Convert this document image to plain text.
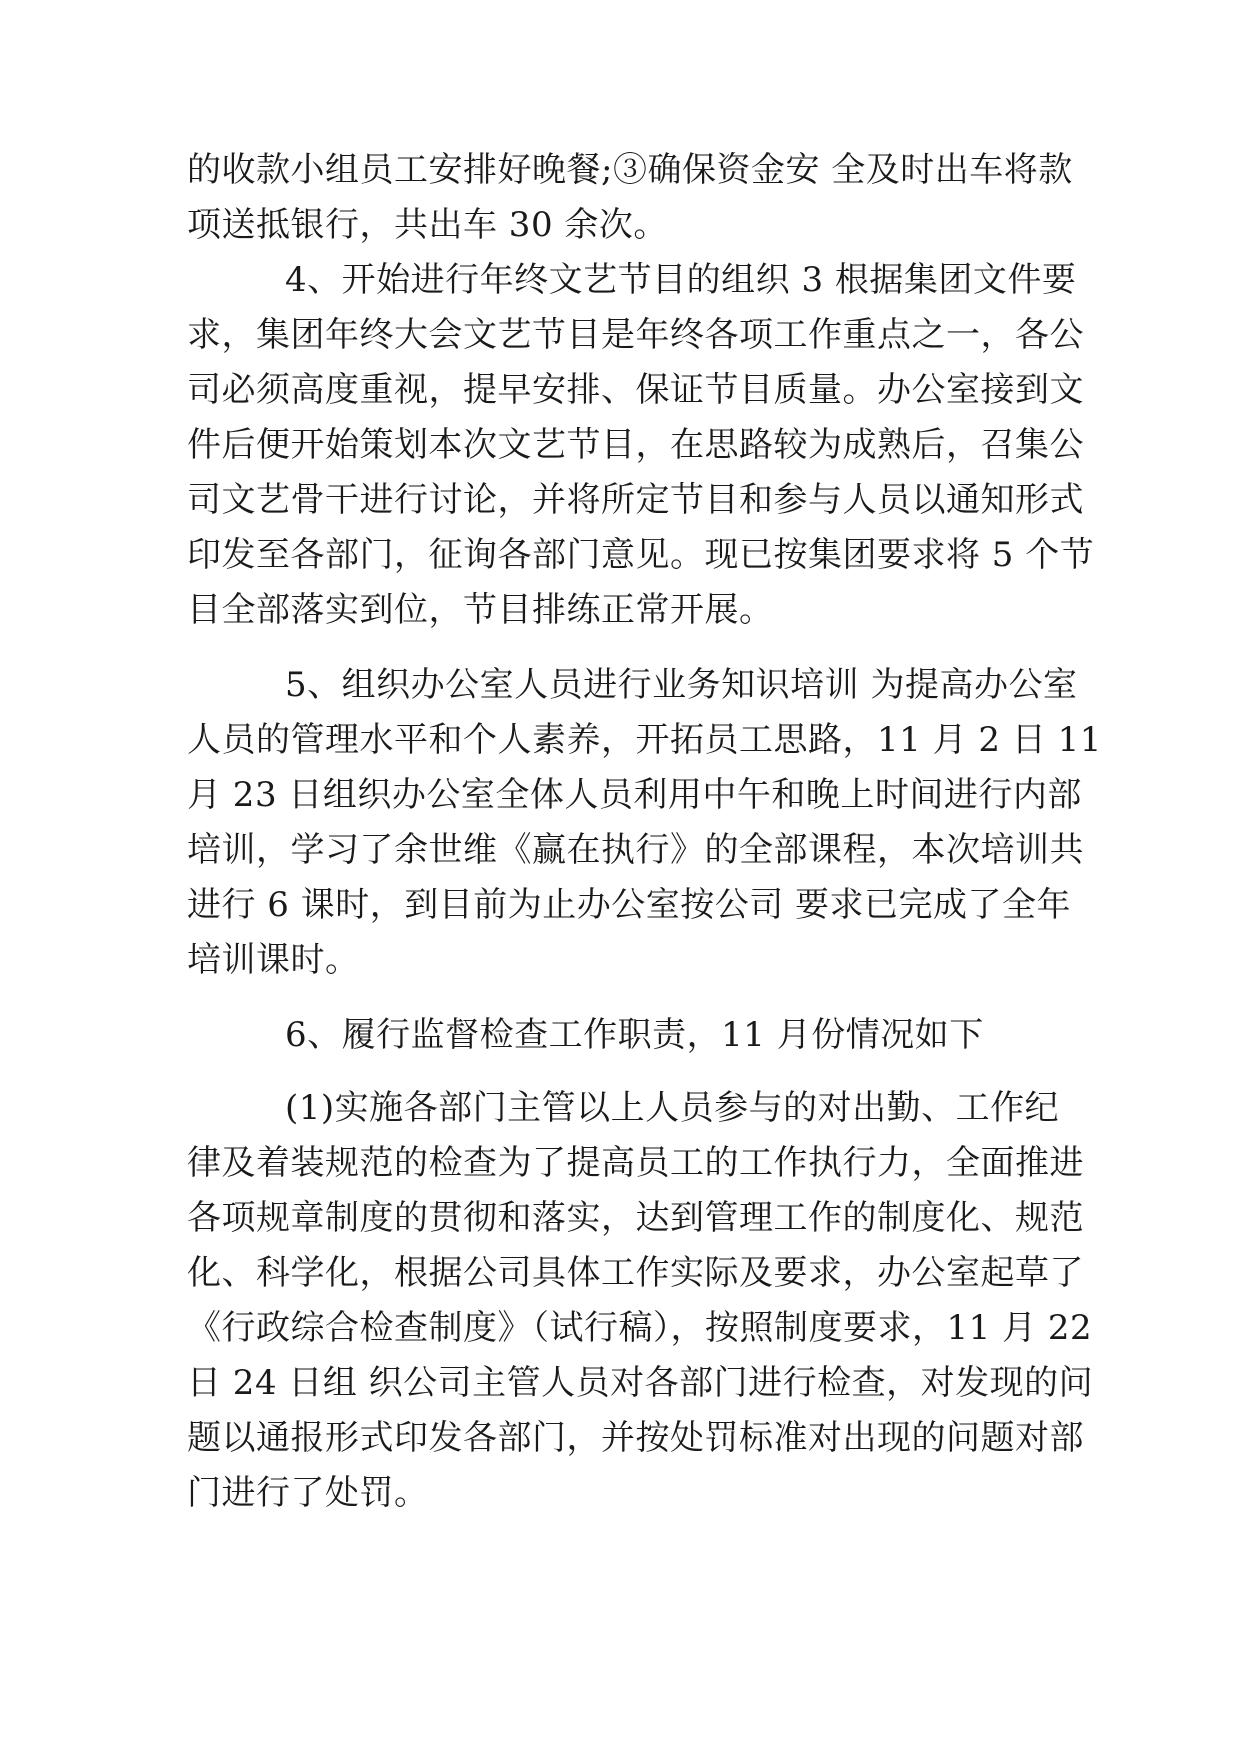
的收款小组员工安排好晚餐;③确保资金安 全及时出车将款
项送抵银行，共出车 30 余次。
4、开始进行年终文艺节目的组织 3 根据集团文件要
求，集团年终大会文艺节目是年终各项工作重点之一，各公
司必须高度重视，提早安排、保证节目质量。办公室接到文
件后便开始策划本次文艺节目，在思路较为成熟后，召集公
司文艺骨干进行讨论，并将所定节目和参与人员以通知形式
印发至各部门，征询各部门意见。现已按集团要求将 5 个节
目全部落实到位，节目排练正常开展。
5、组织办公室人员进行业务知识培训 为提高办公室
人员的管理水平和个人素养，开拓员工思路，11 月 2 日 11
月 23 日组织办公室全体人员利用中午和晚上时间进行内部
培训，学习了余世维《赢在执行》的全部课程，本次培训共
进行 6 课时，到目前为止办公室按公司 要求已完成了全年
培训课时。
6、履行监督检查工作职责，11 月份情况如下
(1)实施各部门主管以上人员参与的对出勤、工作纪
律及着装规范的检查为了提高员工的工作执行力，全面推进
各项规章制度的贯彻和落实，达到管理工作的制度化、规范
化、科学化，根据公司具体工作实际及要求，办公室起草了
《行政综合检查制度》（试行稿），按照制度要求，11 月 22
日 24 日组 织公司主管人员对各部门进行检查，对发现的问
题以通报形式印发各部门，并按处罚标准对出现的问题对部
门进行了处罚。
